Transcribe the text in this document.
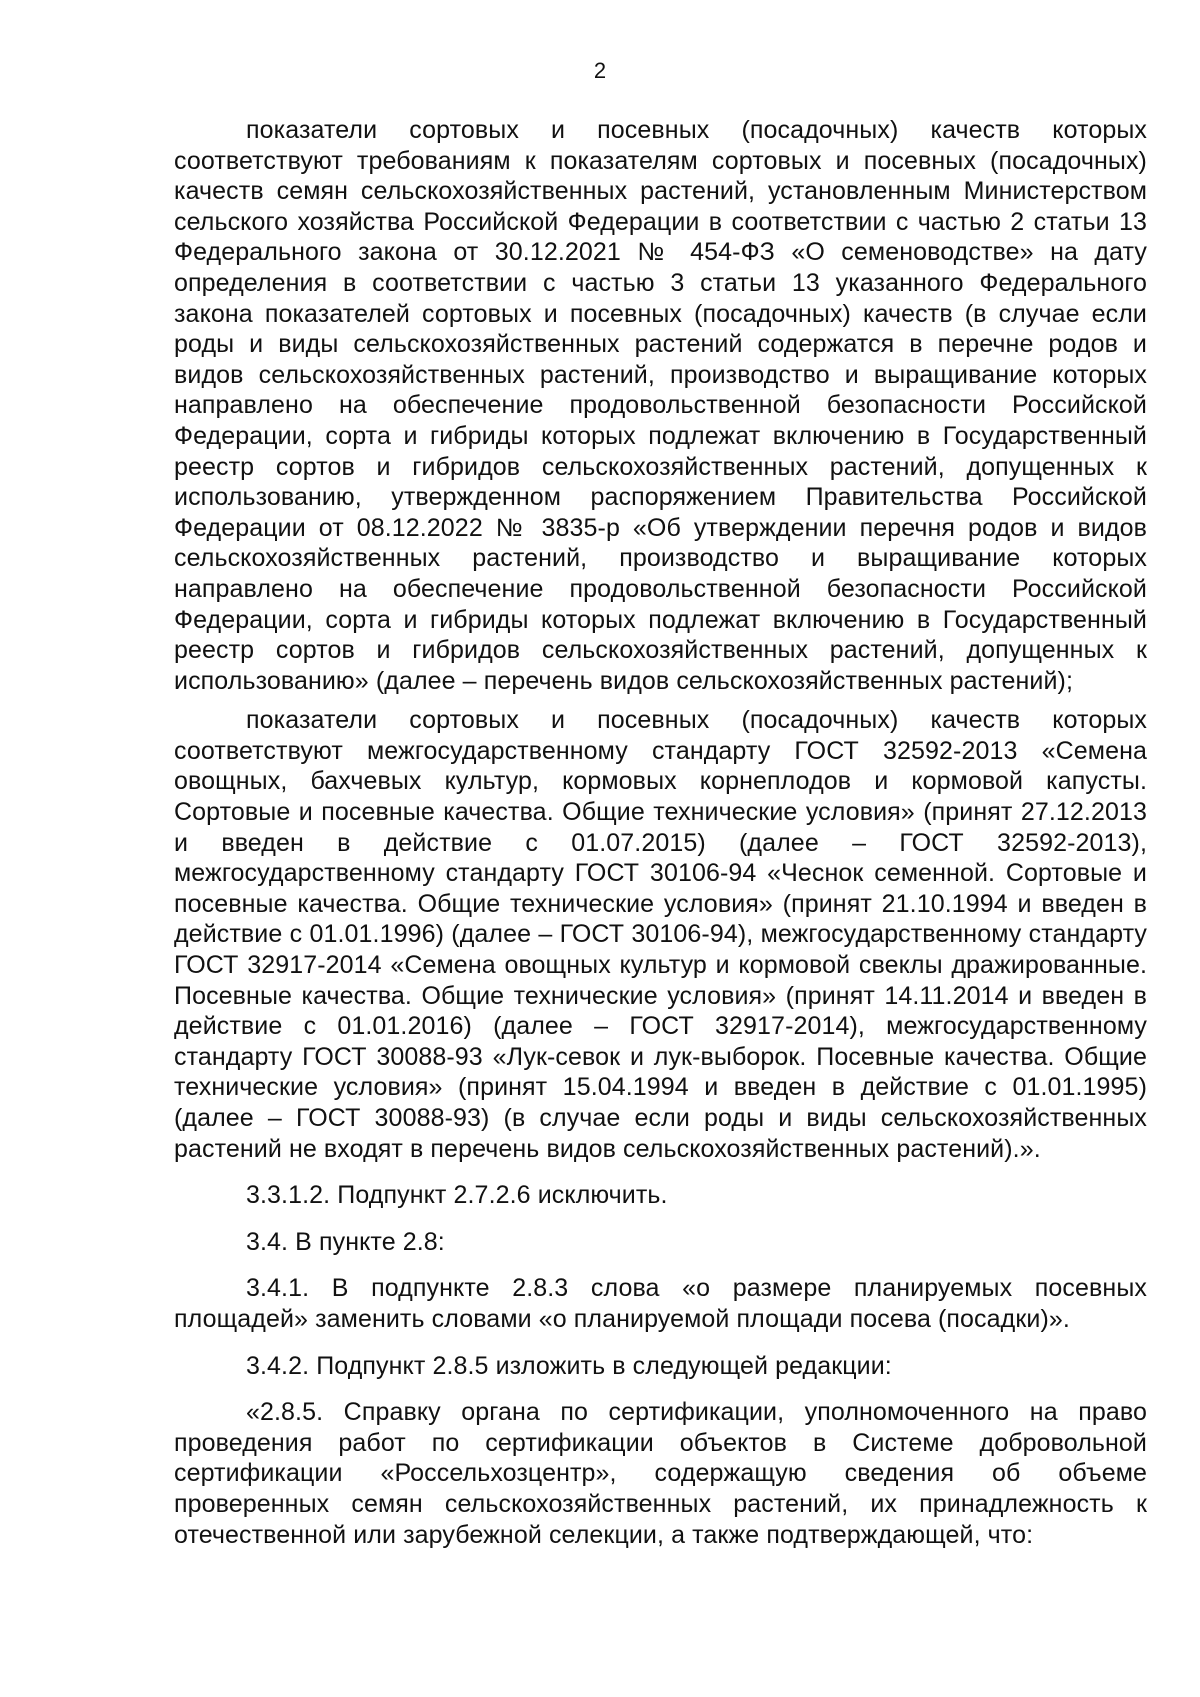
2

показатели сортовых и посевных (посадочных) качеств которых соответствуют требованиям к показателям сортовых и посевных (посадочных) качеств семян сельскохозяйственных растений, установленным Министерством сельского хозяйства Российской Федерации в соответствии с частью 2 статьи 13 Федерального закона от 30.12.2021 № 454-ФЗ «О семеноводстве» на дату определения в соответствии с частью 3 статьи 13 указанного Федерального закона показателей сортовых и посевных (посадочных) качеств (в случае если роды и виды сельскохозяйственных растений содержатся в перечне родов и видов сельскохозяйственных растений, производство и выращивание которых направлено на обеспечение продовольственной безопасности Российской Федерации, сорта и гибриды которых подлежат включению в Государственный реестр сортов и гибридов сельскохозяйственных растений, допущенных к использованию, утвержденном распоряжением Правительства Российской Федерации от 08.12.2022 № 3835-р «Об утверждении перечня родов и видов сельскохозяйственных растений, производство и выращивание которых направлено на обеспечение продовольственной безопасности Российской Федерации, сорта и гибриды которых подлежат включению в Государственный реестр сортов и гибридов сельскохозяйственных растений, допущенных к использованию» (далее – перечень видов сельскохозяйственных растений);

показатели сортовых и посевных (посадочных) качеств которых соответствуют межгосударственному стандарту ГОСТ 32592-2013 «Семена овощных, бахчевых культур, кормовых корнеплодов и кормовой капусты. Сортовые и посевные качества. Общие технические условия» (принят 27.12.2013 и введен в действие с 01.07.2015) (далее – ГОСТ 32592-2013), межгосударственному стандарту ГОСТ 30106-94 «Чеснок семенной. Сортовые и посевные качества. Общие технические условия» (принят 21.10.1994 и введен в действие с 01.01.1996) (далее – ГОСТ 30106-94), межгосударственному стандарту ГОСТ 32917-2014 «Семена овощных культур и кормовой свеклы дражированные. Посевные качества. Общие технические условия» (принят 14.11.2014 и введен в действие с 01.01.2016) (далее – ГОСТ 32917-2014), межгосударственному стандарту ГОСТ 30088-93 «Лук-севок и лук-выборок. Посевные качества. Общие технические условия» (принят 15.04.1994 и введен в действие с 01.01.1995) (далее – ГОСТ 30088-93) (в случае если роды и виды сельскохозяйственных растений не входят в перечень видов сельскохозяйственных растений).».

3.3.1.2. Подпункт 2.7.2.6 исключить.

3.4. В пункте 2.8:

3.4.1. В подпункте 2.8.3 слова «о размере планируемых посевных площадей» заменить словами «о планируемой площади посева (посадки)».

3.4.2. Подпункт 2.8.5 изложить в следующей редакции:

«2.8.5. Справку органа по сертификации, уполномоченного на право проведения работ по сертификации объектов в Системе добровольной сертификации «Россельхозцентр», содержащую сведения об объеме проверенных семян сельскохозяйственных растений, их принадлежность к отечественной или зарубежной селекции, а также подтверждающей, что:
